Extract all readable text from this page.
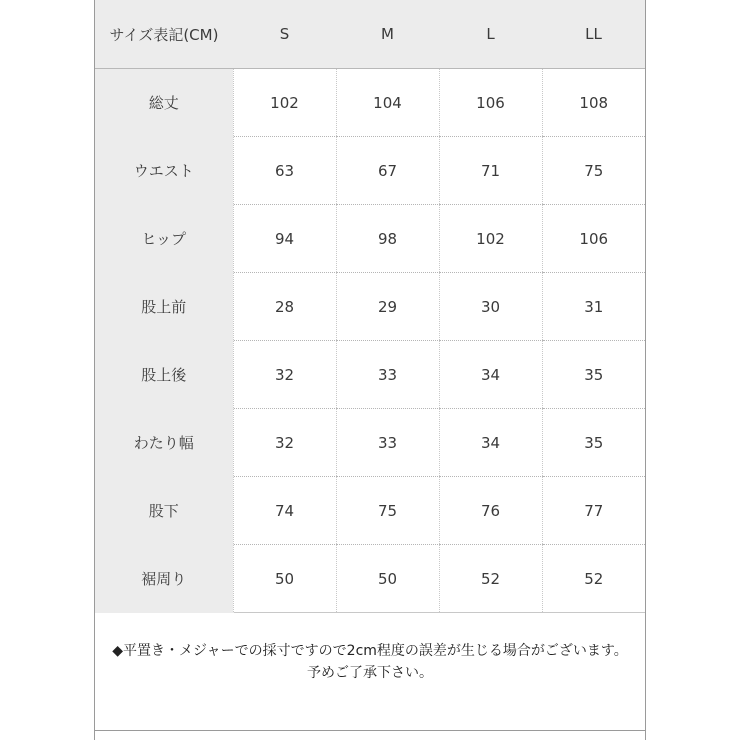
サイズ表記(CM)	S	M	L	LL
総丈	102	104	106	108
ウエスト	63	67	71	75
ヒップ	94	98	102	106
股上前	28	29	30	31
股上後	32	33	34	35
わたり幅	32	33	34	35
股下	74	75	76	77
裾周り	50	50	52	52
◆平置き・メジャーでの採寸ですので2cm程度の誤差が生じる場合がございます。
予めご了承下さい。
